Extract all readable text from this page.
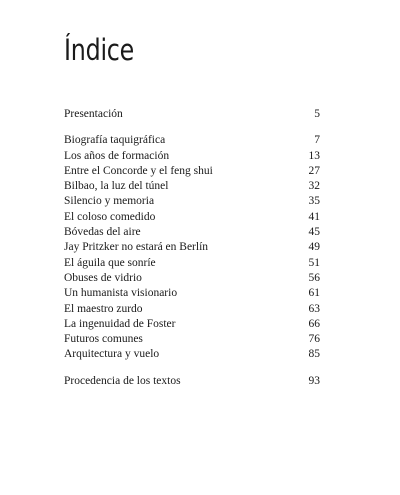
Índice
Presentación	5
Biografía taquigráfica	7
Los años de formación	13
Entre el Concorde y el feng shui	27
Bilbao, la luz del túnel	32
Silencio y memoria	35
El coloso comedido	41
Bóvedas del aire	45
Jay Pritzker no estará en Berlín	49
El águila que sonríe	51
Obuses de vidrio	56
Un humanista visionario	61
El maestro zurdo	63
La ingenuidad de Foster	66
Futuros comunes	76
Arquitectura y vuelo	85
Procedencia de los textos	93
